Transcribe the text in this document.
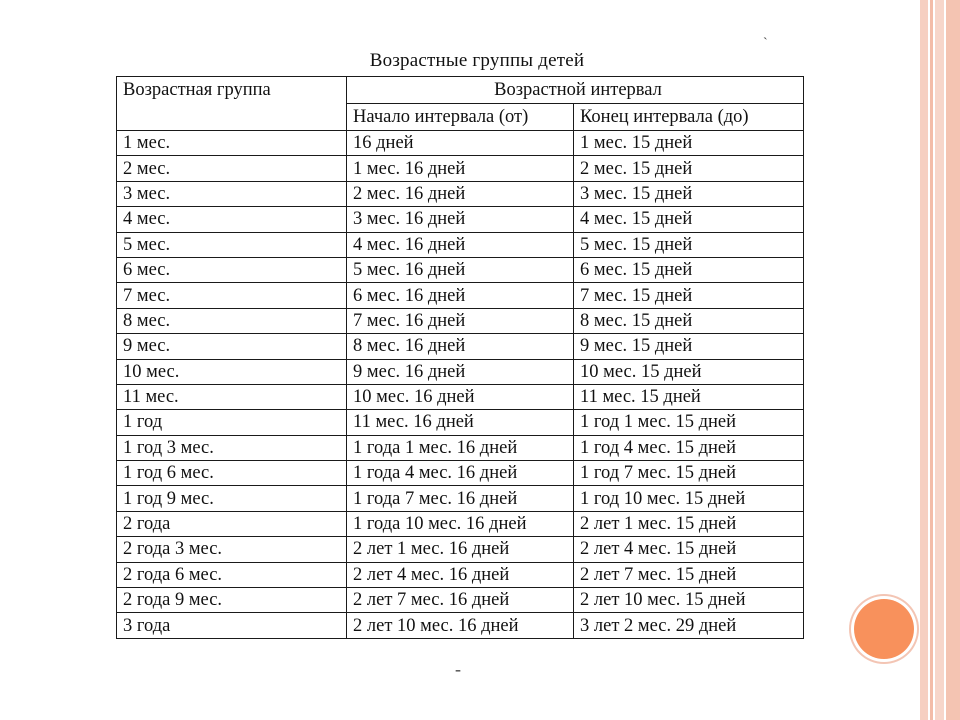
Возрастные группы детей
`
-
Возрастная группа	Возрастной интервал	
	Начало интервала (от)	Конец интервала (до)
1 мес.	16 дней	1 мес. 15 дней
2 мес.	1 мес. 16 дней	2 мес. 15 дней
3 мес.	2 мес. 16 дней	3 мес. 15 дней
4 мес.	3 мес. 16 дней	4 мес. 15 дней
5 мес.	4 мес. 16 дней	5 мес. 15 дней
6 мес.	5 мес. 16 дней	6 мес. 15 дней
7 мес.	6 мес. 16 дней	7 мес. 15 дней
8 мес.	7 мес. 16 дней	8 мес. 15 дней
9 мес.	8 мес. 16 дней	9 мес. 15 дней
10 мес.	9 мес. 16 дней	10 мес. 15 дней
11 мес.	10 мес. 16 дней	11 мес. 15 дней
1 год	11 мес. 16 дней	1 год 1 мес. 15 дней
1 год 3 мес.	1 года 1 мес. 16 дней	1 год 4 мес. 15 дней
1 год 6 мес.	1 года 4 мес. 16 дней	1 год 7 мес. 15 дней
1 год 9 мес.	1 года 7 мес. 16 дней	1 год 10 мес. 15 дней
2 года	1 года 10 мес. 16 дней	2 лет 1 мес. 15 дней
2 года 3 мес.	2 лет 1 мес. 16 дней	2 лет 4 мес. 15 дней
2 года 6 мес.	2 лет 4 мес. 16 дней	2 лет 7 мес. 15 дней
2 года 9 мес.	2 лет 7 мес. 16 дней	2 лет 10 мес. 15 дней
3 года	2 лет 10 мес. 16 дней	3 лет 2 мес. 29 дней
